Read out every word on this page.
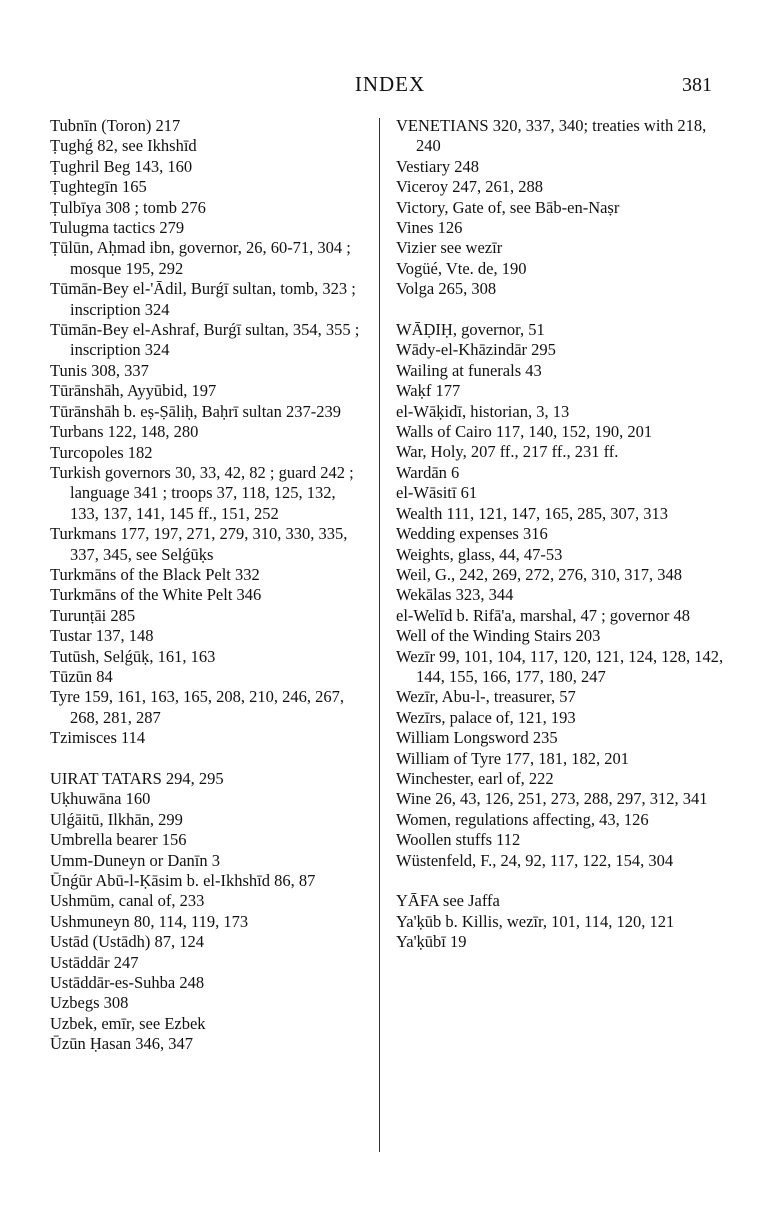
INDEX	381
Tubnīn (Toron) 217
Ṭughǵ 82, see Ikhshīd
Ṭughril Beg 143, 160
Ṭughtegīn 165
Ṭulbīya 308 ; tomb 276
Tulugma tactics 279
Ṭūlūn, Aḥmad ibn, governor, 26, 60-71, 304 ; mosque 195, 292
Tūmān-Bey el-'Ādil, Burǵī sultan, tomb, 323 ; inscription 324
Tūmān-Bey el-Ashraf, Burǵī sultan, 354, 355 ; inscription 324
Tunis 308, 337
Tūrānshāh, Ayyūbid, 197
Tūrānshāh b. eṣ-Ṣāliḥ, Baḥrī sultan 237-239
Turbans 122, 148, 280
Turcopoles 182
Turkish governors 30, 33, 42, 82 ; guard 242 ; language 341 ; troops 37, 118, 125, 132, 133, 137, 141, 145 ff., 151, 252
Turkmans 177, 197, 271, 279, 310, 330, 335, 337, 345, see Selǵūḳs
Turkmāns of the Black Pelt 332
Turkmāns of the White Pelt 346
Turunṭāi 285
Tustar 137, 148
Tutūsh, Selǵūḳ, 161, 163
Tūzūn 84
Tyre 159, 161, 163, 165, 208, 210, 246, 267, 268, 281, 287
Tzimisces 114
UIRAT TATARS 294, 295
Uḳhuwāna 160
Ulǵāitū, Ilkhān, 299
Umbrella bearer 156
Umm-Duneyn or Danīn 3
Ūnǵūr Abū-l-Ḳāsim b. el-Ikhshīd 86, 87
Ushmūm, canal of, 233
Ushmuneyn 80, 114, 119, 173
Ustād (Ustādh) 87, 124
Ustāddār 247
Ustāddār-es-Suhba 248
Uzbegs 308
Uzbek, emīr, see Ezbek
Ūzūn Ḥasan 346, 347
VENETIANS 320, 337, 340; treaties with 218, 240
Vestiary 248
Viceroy 247, 261, 288
Victory, Gate of, see Bāb-en-Naṣr
Vines 126
Vizier see wezīr
Vogüé, Vte. de, 190
Volga 265, 308
WĀḌIḤ, governor, 51
Wādy-el-Khāzindār 295
Wailing at funerals 43
Waḳf 177
el-Wāḳidī, historian, 3, 13
Walls of Cairo 117, 140, 152, 190, 201
War, Holy, 207 ff., 217 ff., 231 ff.
Wardān 6
el-Wāsitī 61
Wealth 111, 121, 147, 165, 285, 307, 313
Wedding expenses 316
Weights, glass, 44, 47-53
Weil, G., 242, 269, 272, 276, 310, 317, 348
Wekālas 323, 344
el-Welīd b. Rifā'a, marshal, 47 ; governor 48
Well of the Winding Stairs 203
Wezīr 99, 101, 104, 117, 120, 121, 124, 128, 142, 144, 155, 166, 177, 180, 247
Wezīr, Abu-l-, treasurer, 57
Wezīrs, palace of, 121, 193
William Longsword 235
William of Tyre 177, 181, 182, 201
Winchester, earl of, 222
Wine 26, 43, 126, 251, 273, 288, 297, 312, 341
Women, regulations affecting, 43, 126
Woollen stuffs 112
Wüstenfeld, F., 24, 92, 117, 122, 154, 304
YĀFA see Jaffa
Ya'ḳūb b. Killis, wezīr, 101, 114, 120, 121
Ya'ḳūbī 19
